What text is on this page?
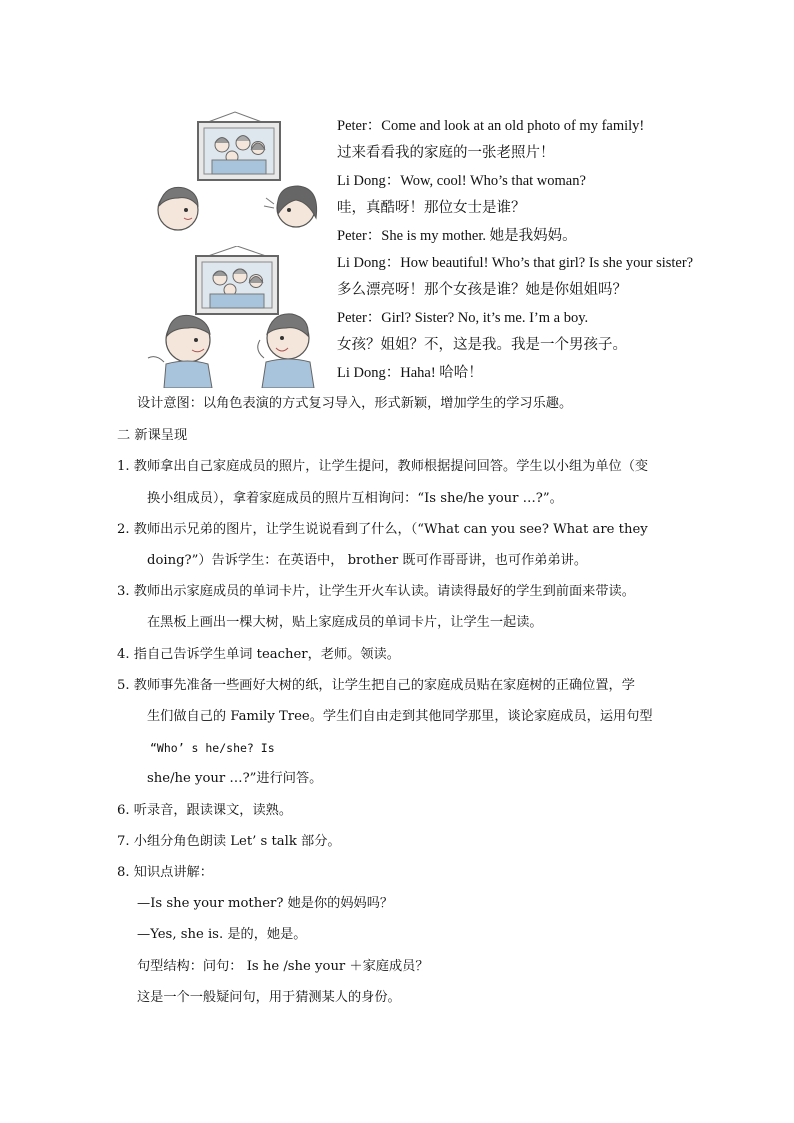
Peter：Come and look at an old photo of my family!
过来看看我的家庭的一张老照片！
Li Dong：Wow, cool! Who’s that woman?
哇，真酷呀！那位女士是谁？
Peter：She is my mother. 她是我妈妈。
Li Dong：How beautiful! Who’s that girl? Is she your sister?
多么漂亮呀！那个女孩是谁？她是你姐姐吗？
Peter：Girl? Sister? No, it’s me. I’m a boy.
女孩？姐姐？不，这是我。我是一个男孩子。
Li Dong：Haha! 哈哈！
设计意图：以角色表演的方式复习导入，形式新颖，增加学生的学习乐趣。
二 新课呈现
1. 教师拿出自己家庭成员的照片，让学生提问，教师根据提问回答。学生以小组为单位（变
换小组成员），拿着家庭成员的照片互相询问：“Is she/he your …?”。
2. 教师出示兄弟的图片，让学生说说看到了什么，（“What can you see? What are they
doing?”）告诉学生：在英语中， brother 既可作哥哥讲，也可作弟弟讲。
3. 教师出示家庭成员的单词卡片，让学生开火车认读。请读得最好的学生到前面来带读。
在黑板上画出一棵大树，贴上家庭成员的单词卡片，让学生一起读。
4. 指自己告诉学生单词 teacher，老师。领读。
5. 教师事先准备一些画好大树的纸，让学生把自己的家庭成员贴在家庭树的正确位置，学
生们做自己的 Family Tree。学生们自由走到其他同学那里，谈论家庭成员，运用句型
“Who’ s he/she? Is
she/he your …?”进行问答。
6. 听录音，跟读课文，读熟。
7. 小组分角色朗读 Let’ s talk 部分。
8. 知识点讲解：
—Is she your mother? 她是你的妈妈吗？
—Yes, she is. 是的，她是。
句型结构：问句： Is he /she your ＋家庭成员？
这是一个一般疑问句，用于猜测某人的身份。
